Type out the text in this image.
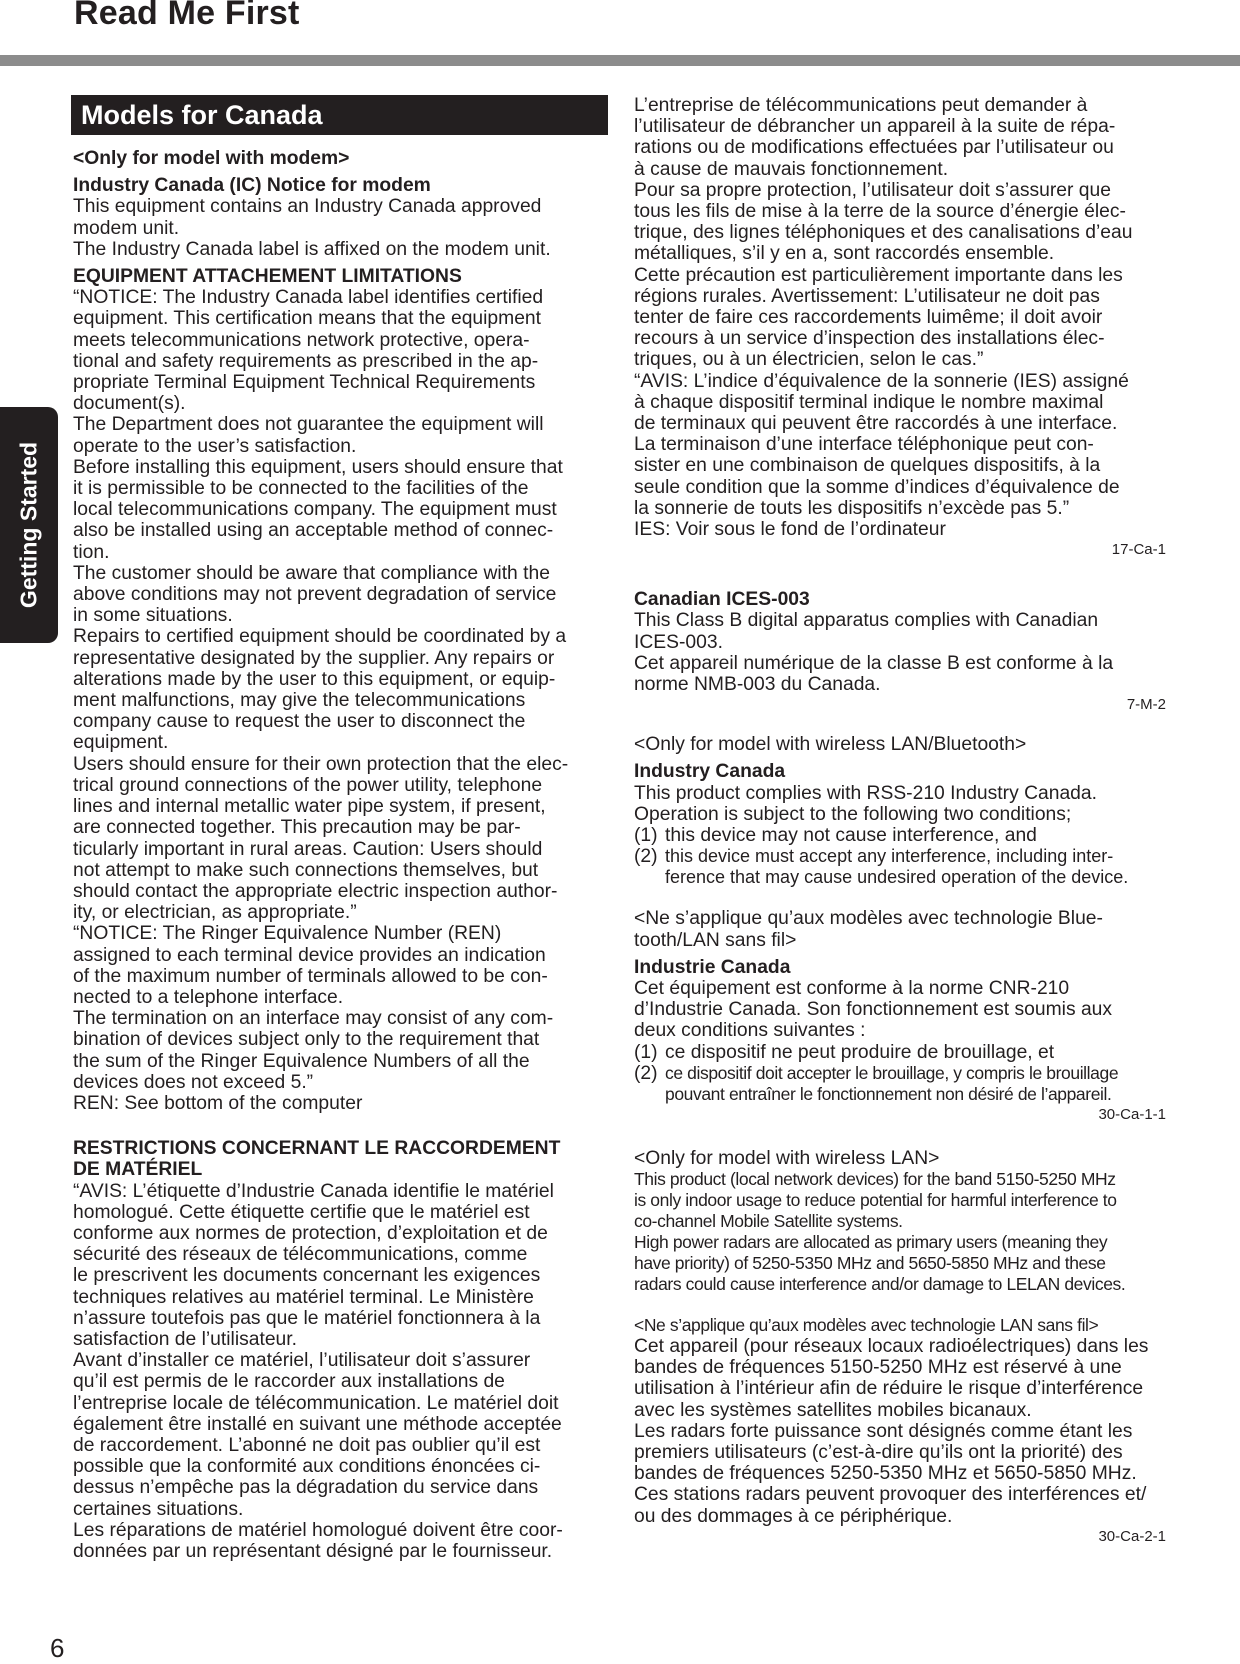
Read Me First
Getting Started
6
Models for Canada

<Only for model with modem>

Industry Canada (IC) Notice for modem

This equipment contains an Industry Canada approved
modem unit.
The Industry Canada label is affixed on the modem unit.

EQUIPMENT ATTACHEMENT LIMITATIONS

“NOTICE: The Industry Canada label identifies certified
equipment. This certification means that the equipment
meets telecommunications network protective, opera-
tional and safety requirements as prescribed in the ap-
propriate Terminal Equipment Technical Requirements
document(s).
The Department does not guarantee the equipment will
operate to the user’s satisfaction.
Before installing this equipment, users should ensure that
it is permissible to be connected to the facilities of the
local telecommunications company. The equipment must
also be installed using an acceptable method of connec-
tion.
The customer should be aware that compliance with the
above conditions may not prevent degradation of service
in some situations.
Repairs to certified equipment should be coordinated by a
representative designated by the supplier. Any repairs or
alterations made by the user to this equipment, or equip-
ment malfunctions, may give the telecommunications
company cause to request the user to disconnect the
equipment.
Users should ensure for their own protection that the elec-
trical ground connections of the power utility, telephone
lines and internal metallic water pipe system, if present,
are connected together. This precaution may be par-
ticularly important in rural areas. Caution: Users should
not attempt to make such connections themselves, but
should contact the appropriate electric inspection author-
ity, or electrician, as appropriate.”
“NOTICE: The Ringer Equivalence Number (REN)
assigned to each terminal device provides an indication
of the maximum number of terminals allowed to be con-
nected to a telephone interface.
The termination on an interface may consist of any com-
bination of devices subject only to the requirement that
the sum of the Ringer Equivalence Numbers of all the
devices does not exceed 5.”
REN: See bottom of the computer

RESTRICTIONS CONCERNANT LE RACCORDEMENT
DE MATÉRIEL

“AVIS: L’étiquette d’Industrie Canada identifie le matériel
homologué. Cette étiquette certifie que le matériel est
conforme aux normes de protection, d’exploitation et de
sécurité des réseaux de télécommunications, comme
le prescrivent les documents concernant les exigences
techniques relatives au matériel terminal. Le Ministère
n’assure toutefois pas que le matériel fonctionnera à la
satisfaction de l’utilisateur.
Avant d’installer ce matériel, l’utilisateur doit s’assurer
qu’il est permis de le raccorder aux installations de
l’entreprise locale de télécommunication. Le matériel doit
également être installé en suivant une méthode acceptée
de raccordement. L’abonné ne doit pas oublier qu’il est
possible que la conformité aux conditions énoncées ci-
dessus n’empêche pas la dégradation du service dans
certaines situations.
Les réparations de matériel homologué doivent être coor-
données par un représentant désigné par le fournisseur.

L’entreprise de télécommunications peut demander à
l’utilisateur de débrancher un appareil à la suite de répa-
rations ou de modifications effectuées par l’utilisateur ou
à cause de mauvais fonctionnement.
Pour sa propre protection, l’utilisateur doit s’assurer que
tous les fils de mise à la terre de la source d’énergie élec-
trique, des lignes téléphoniques et des canalisations d’eau
métalliques, s’il y en a, sont raccordés ensemble.
Cette précaution est particulièrement importante dans les
régions rurales. Avertissement: L’utilisateur ne doit pas
tenter de faire ces raccordements luimême; il doit avoir
recours à un service d’inspection des installations élec-
triques, ou à un électricien, selon le cas.”
“AVIS: L’indice d’équivalence de la sonnerie (IES) assigné
à chaque dispositif terminal indique le nombre maximal
de terminaux qui peuvent être raccordés à une interface.
La terminaison d’une interface téléphonique peut con-
sister en une combinaison de quelques dispositifs, à la
seule condition que la somme d’indices d’équivalence de
la sonnerie de touts les dispositifs n’excède pas 5.”
IES: Voir sous le fond de l’ordinateur

17-Ca-1

Canadian ICES-003

This Class B digital apparatus complies with Canadian
ICES-003.
Cet appareil numérique de la classe B est conforme à la
norme NMB-003 du Canada.

7-M-2

<Only for model with wireless LAN/Bluetooth>

Industry Canada

This product complies with RSS-210 Industry Canada.
Operation is subject to the following two conditions;

(1) this device may not cause interference, and
(2) this device must accept any interference, including inter-
ference that may cause undesired operation of the device.

<Ne s’applique qu’aux modèles avec technologie Blue-
tooth/LAN sans fil>

Industrie Canada

Cet équipement est conforme à la norme CNR-210
d’Industrie Canada. Son fonctionnement est soumis aux
deux conditions suivantes :

(1) ce dispositif ne peut produire de brouillage, et
(2) ce dispositif doit accepter le brouillage, y compris le brouillage
pouvant entraîner le fonctionnement non désiré de l’appareil.

30-Ca-1-1

<Only for model with wireless LAN>

This product (local network devices) for the band 5150-5250 MHz
is only indoor usage to reduce potential for harmful interference to
co-channel Mobile Satellite systems.
High power radars are allocated as primary users (meaning they
have priority) of 5250-5350 MHz and 5650-5850 MHz and these
radars could cause interference and/or damage to LELAN devices.

<Ne s’applique qu’aux modèles avec technologie LAN sans fil>

Cet appareil (pour réseaux locaux radioélectriques) dans les
bandes de fréquences 5150-5250 MHz est réservé à une
utilisation à l’intérieur afin de réduire le risque d’interférence
avec les systèmes satellites mobiles bicanaux.
Les radars forte puissance sont désignés comme étant les
premiers utilisateurs (c’est-à-dire qu’ils ont la priorité) des
bandes de fréquences 5250-5350 MHz et 5650-5850 MHz.
Ces stations radars peuvent provoquer des interférences et/
ou des dommages à ce périphérique.

30-Ca-2-1
